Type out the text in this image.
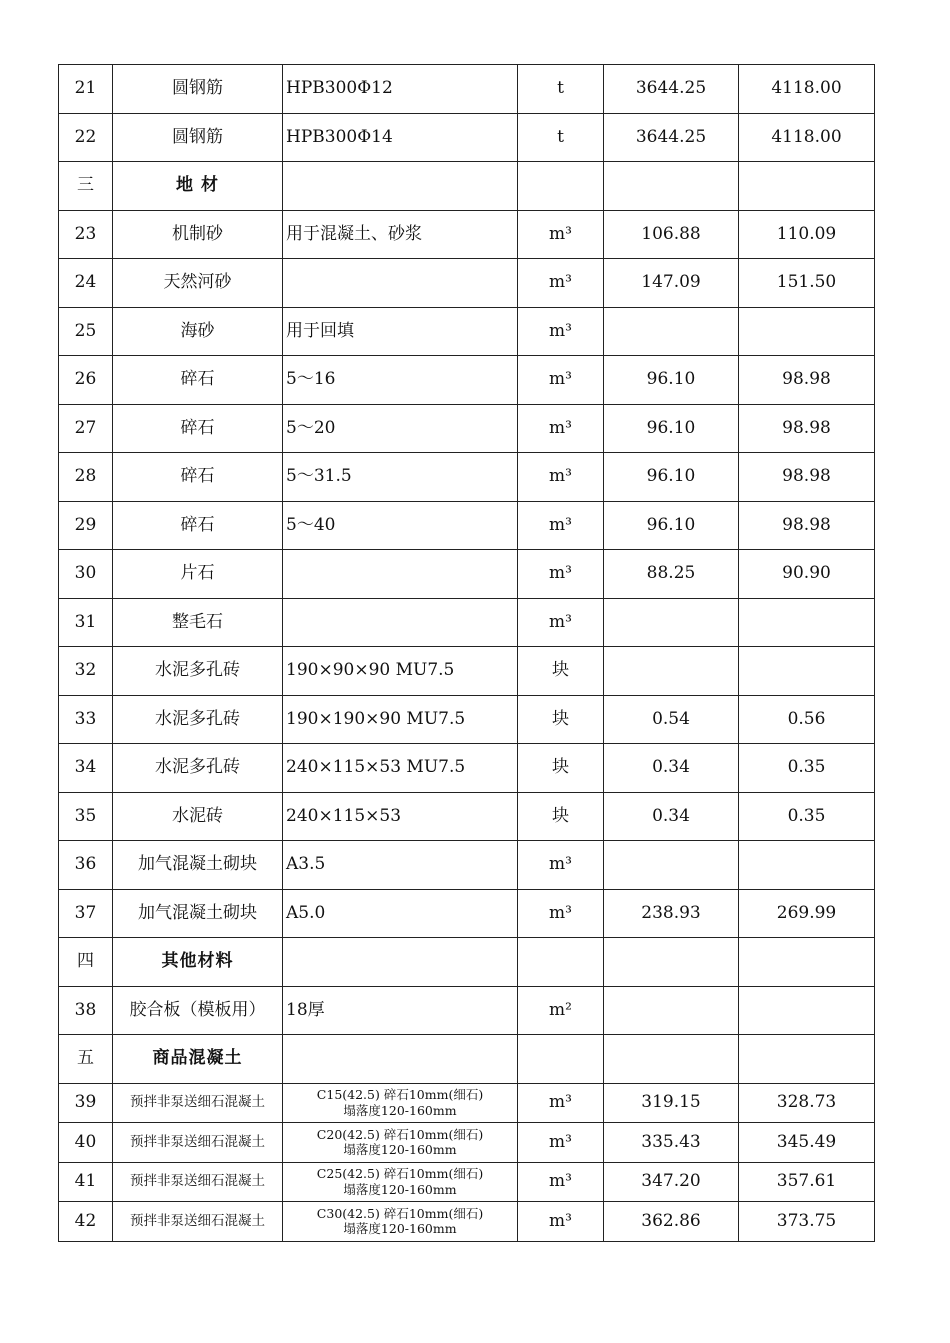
21	圆钢筋	HPB300Φ12	t	3644.25	4118.00
22	圆钢筋	HPB300Φ14	t	3644.25	4118.00
三	地 材				
23	机制砂	用于混凝土、砂浆	m³	106.88	110.09
24	天然河砂		m³	147.09	151.50
25	海砂	用于回填	m³		
26	碎石	5～16	m³	96.10	98.98
27	碎石	5～20	m³	96.10	98.98
28	碎石	5～31.5	m³	96.10	98.98
29	碎石	5～40	m³	96.10	98.98
30	片石		m³	88.25	90.90
31	整毛石		m³		
32	水泥多孔砖	190×90×90 MU7.5	块		
33	水泥多孔砖	190×190×90 MU7.5	块	0.54	0.56
34	水泥多孔砖	240×115×53 MU7.5	块	0.34	0.35
35	水泥砖	240×115×53	块	0.34	0.35
36	加气混凝土砌块	A3.5	m³		
37	加气混凝土砌块	A5.0	m³	238.93	269.99
四	其他材料				
38	胶合板（模板用）	18厚	m²		
五	商品混凝土				
39	预拌非泵送细石混凝土	C15(42.5) 碎石10mm(细石)
塌落度120-160mm	m³	319.15	328.73
40	预拌非泵送细石混凝土	C20(42.5) 碎石10mm(细石)
塌落度120-160mm	m³	335.43	345.49
41	预拌非泵送细石混凝土	C25(42.5) 碎石10mm(细石)
塌落度120-160mm	m³	347.20	357.61
42	预拌非泵送细石混凝土	C30(42.5) 碎石10mm(细石)
塌落度120-160mm	m³	362.86	373.75
